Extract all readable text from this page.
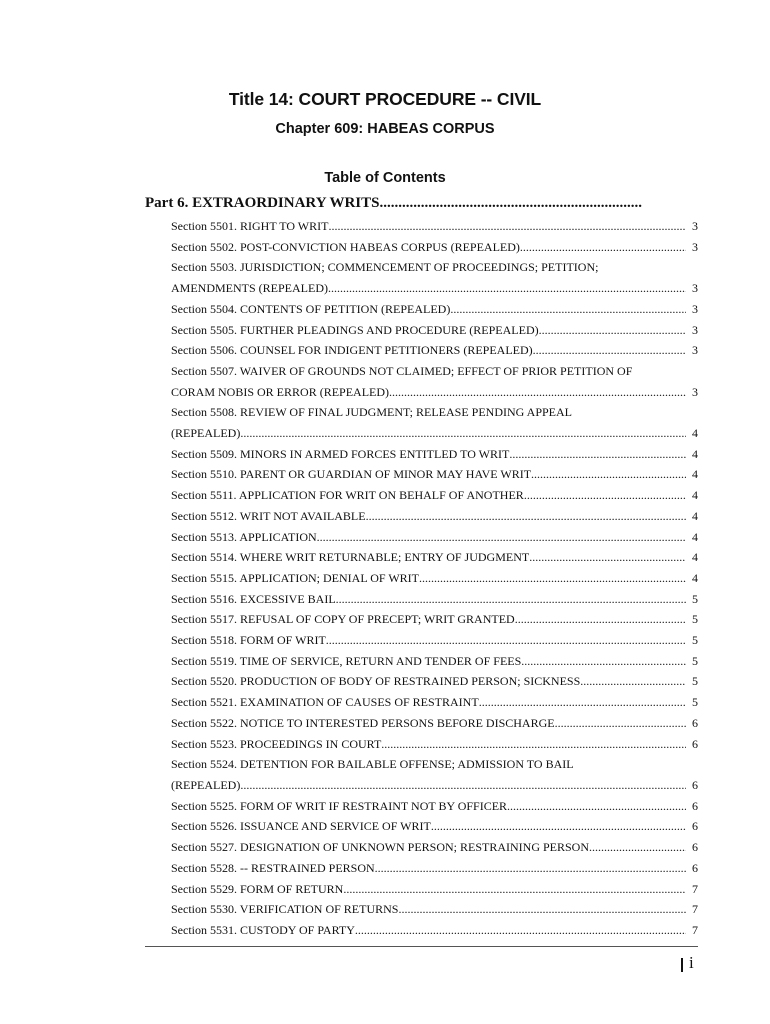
Title 14: COURT PROCEDURE -- CIVIL
Chapter 609: HABEAS CORPUS
Table of Contents
Part 6. EXTRAORDINARY WRITS......................................................................
Section 5501. RIGHT TO WRIT .....	3
Section 5502. POST-CONVICTION HABEAS CORPUS (REPEALED) .....	3
Section 5503. JURISDICTION; COMMENCEMENT OF PROCEEDINGS; PETITION;
AMENDMENTS (REPEALED) .....	3
Section 5504. CONTENTS OF PETITION (REPEALED) .....	3
Section 5505. FURTHER PLEADINGS AND PROCEDURE (REPEALED) .....	3
Section 5506. COUNSEL FOR INDIGENT PETITIONERS (REPEALED) .....	3
Section 5507. WAIVER OF GROUNDS NOT CLAIMED; EFFECT OF PRIOR PETITION OF
CORAM NOBIS OR ERROR (REPEALED) .....	3
Section 5508. REVIEW OF FINAL JUDGMENT; RELEASE PENDING APPEAL
(REPEALED) .....	4
Section 5509. MINORS IN ARMED FORCES ENTITLED TO WRIT .....	4
Section 5510. PARENT OR GUARDIAN OF MINOR MAY HAVE WRIT .....	4
Section 5511. APPLICATION FOR WRIT ON BEHALF OF ANOTHER .....	4
Section 5512. WRIT NOT AVAILABLE .....	4
Section 5513. APPLICATION .....	4
Section 5514. WHERE WRIT RETURNABLE; ENTRY OF JUDGMENT .....	4
Section 5515. APPLICATION; DENIAL OF WRIT .....	4
Section 5516. EXCESSIVE BAIL .....	5
Section 5517. REFUSAL OF COPY OF PRECEPT; WRIT GRANTED .....	5
Section 5518. FORM OF WRIT .....	5
Section 5519. TIME OF SERVICE, RETURN AND TENDER OF FEES .....	5
Section 5520. PRODUCTION OF BODY OF RESTRAINED PERSON; SICKNESS .....	5
Section 5521. EXAMINATION OF CAUSES OF RESTRAINT .....	5
Section 5522. NOTICE TO INTERESTED PERSONS BEFORE DISCHARGE .....	6
Section 5523. PROCEEDINGS IN COURT .....	6
Section 5524. DETENTION FOR BAILABLE OFFENSE; ADMISSION TO BAIL
(REPEALED) .....	6
Section 5525. FORM OF WRIT IF RESTRAINT NOT BY OFFICER .....	6
Section 5526. ISSUANCE AND SERVICE OF WRIT .....	6
Section 5527. DESIGNATION OF UNKNOWN PERSON; RESTRAINING PERSON .....	6
Section 5528. -- RESTRAINED PERSON .....	6
Section 5529. FORM OF RETURN .....	7
Section 5530. VERIFICATION OF RETURNS .....	7
Section 5531. CUSTODY OF PARTY .....	7
i
